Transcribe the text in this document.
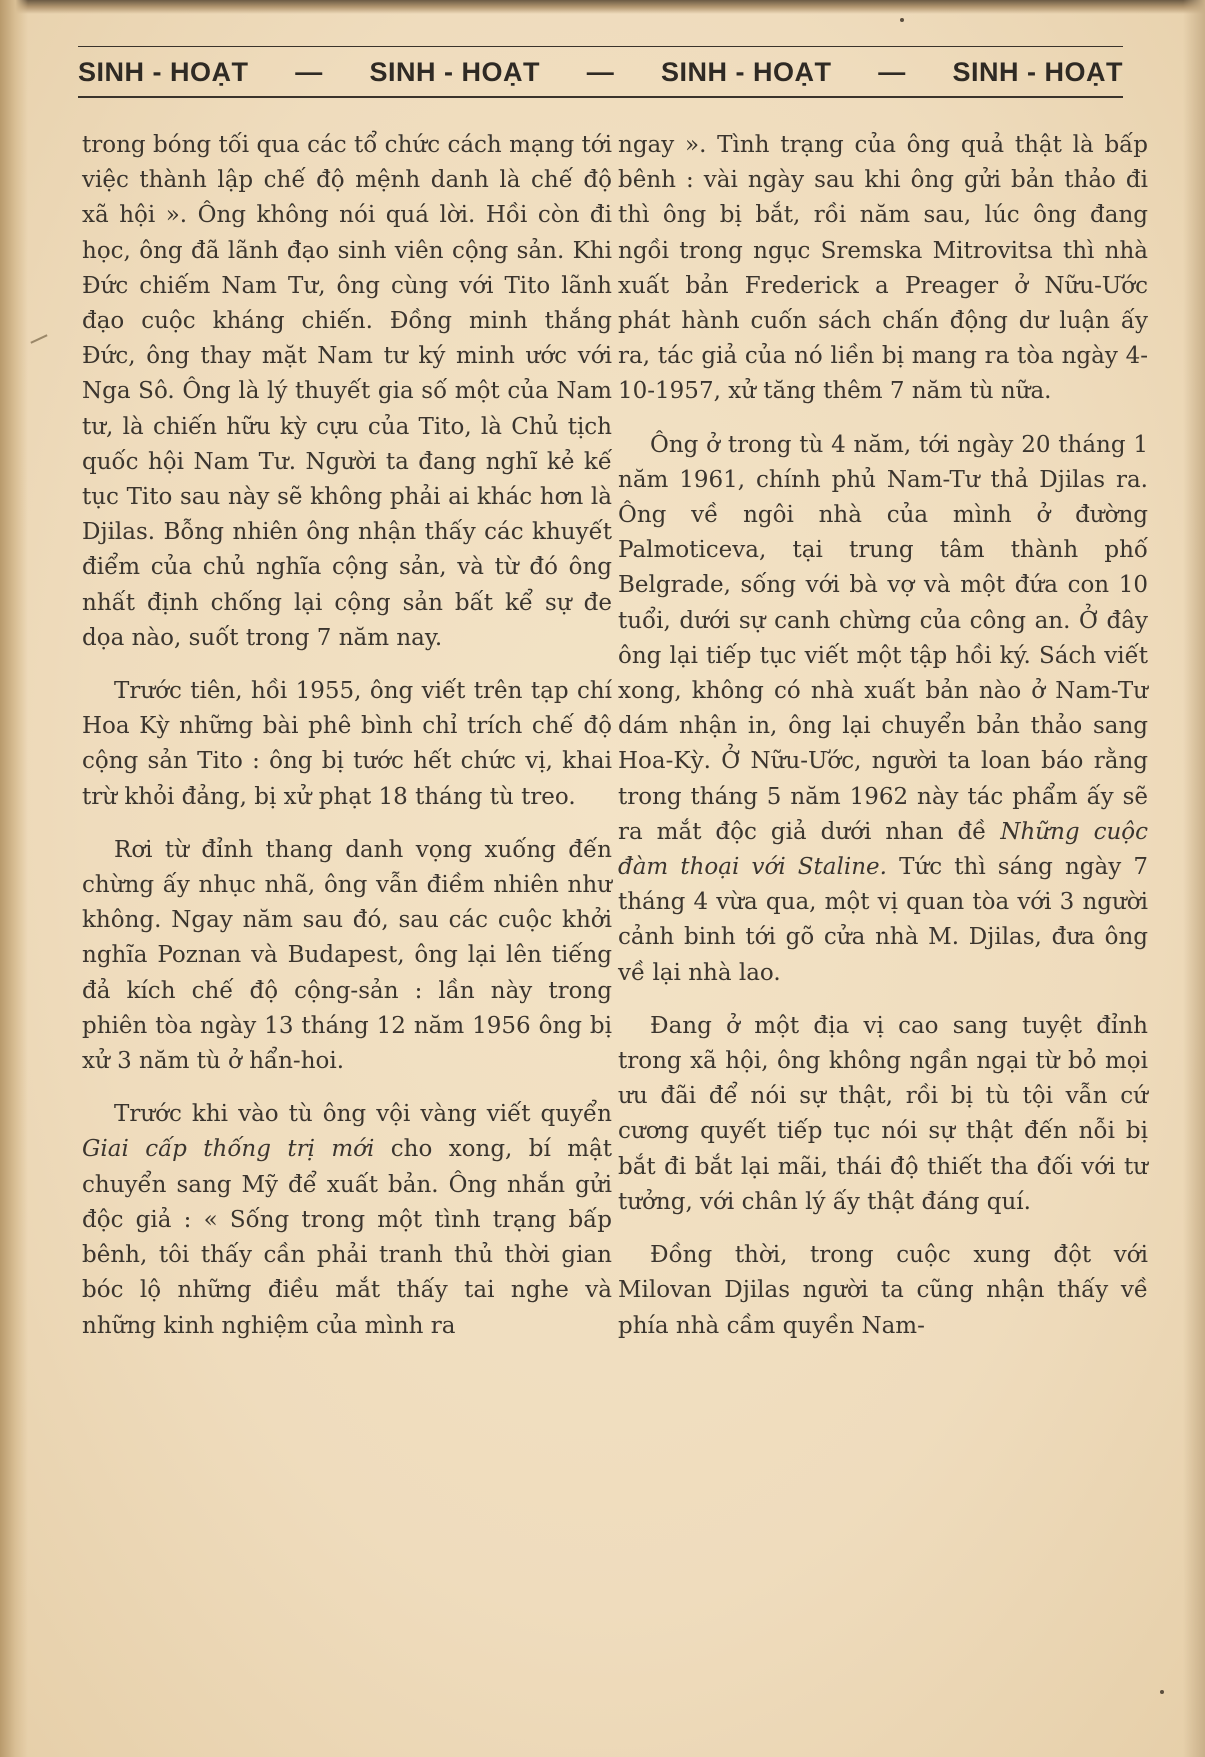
SINH - HOẠT — SINH - HOẠT — SINH - HOẠT — SINH - HOẠT

trong bóng tối qua các tổ chức cách mạng tới việc thành lập chế độ mệnh danh là chế độ xã hội ». Ông không nói quá lời. Hồi còn đi học, ông đã lãnh đạo sinh viên cộng sản. Khi Đức chiếm Nam Tư, ông cùng với Tito lãnh đạo cuộc kháng chiến. Đồng minh thắng Đức, ông thay mặt Nam tư ký minh ước với Nga Sô. Ông là lý thuyết gia số một của Nam tư, là chiến hữu kỳ cựu của Tito, là Chủ tịch quốc hội Nam Tư. Người ta đang nghĩ kẻ kế tục Tito sau này sẽ không phải ai khác hơn là Djilas. Bỗng nhiên ông nhận thấy các khuyết điểm của chủ nghĩa cộng sản, và từ đó ông nhất định chống lại cộng sản bất kể sự đe dọa nào, suốt trong 7 năm nay.

Trước tiên, hồi 1955, ông viết trên tạp chí Hoa Kỳ những bài phê bình chỉ trích chế độ cộng sản Tito : ông bị tước hết chức vị, khai trừ khỏi đảng, bị xử phạt 18 tháng tù treo.

Rơi từ đỉnh thang danh vọng xuống đến chừng ấy nhục nhã, ông vẫn điềm nhiên như không. Ngay năm sau đó, sau các cuộc khởi nghĩa Poznan và Budapest, ông lại lên tiếng đả kích chế độ cộng-sản : lần này trong phiên tòa ngày 13 tháng 12 năm 1956 ông bị xử 3 năm tù ở hẩn-hoi.

Trước khi vào tù ông vội vàng viết quyển Giai cấp thống trị mới cho xong, bí mật chuyển sang Mỹ để xuất bản. Ông nhắn gửi độc giả : « Sống trong một tình trạng bấp bênh, tôi thấy cần phải tranh thủ thời gian bóc lộ những điều mắt thấy tai nghe và những kinh nghiệm của mình ra

ngay ». Tình trạng của ông quả thật là bấp bênh : vài ngày sau khi ông gửi bản thảo đi thì ông bị bắt, rồi năm sau, lúc ông đang ngồi trong ngục Sremska Mitrovitsa thì nhà xuất bản Frederick a Preager ở Nữu-Ước phát hành cuốn sách chấn động dư luận ấy ra, tác giả của nó liền bị mang ra tòa ngày 4-10-1957, xử tăng thêm 7 năm tù nữa.

Ông ở trong tù 4 năm, tới ngày 20 tháng 1 năm 1961, chính phủ Nam-Tư thả Djilas ra. Ông về ngôi nhà của mình ở đường Palmoticeva, tại trung tâm thành phố Belgrade, sống với bà vợ và một đứa con 10 tuổi, dưới sự canh chừng của công an. Ở đây ông lại tiếp tục viết một tập hồi ký. Sách viết xong, không có nhà xuất bản nào ở Nam-Tư dám nhận in, ông lại chuyển bản thảo sang Hoa-Kỳ. Ở Nữu-Ước, người ta loan báo rằng trong tháng 5 năm 1962 này tác phẩm ấy sẽ ra mắt độc giả dưới nhan đề Những cuộc đàm thoại với Staline. Tức thì sáng ngày 7 tháng 4 vừa qua, một vị quan tòa với 3 người cảnh binh tới gõ cửa nhà M. Djilas, đưa ông về lại nhà lao.

Đang ở một địa vị cao sang tuyệt đỉnh trong xã hội, ông không ngần ngại từ bỏ mọi ưu đãi để nói sự thật, rồi bị tù tội vẫn cứ cương quyết tiếp tục nói sự thật đến nỗi bị bắt đi bắt lại mãi, thái độ thiết tha đối với tư tưởng, với chân lý ấy thật đáng quí.

Đồng thời, trong cuộc xung đột với Milovan Djilas người ta cũng nhận thấy về phía nhà cầm quyền Nam-
